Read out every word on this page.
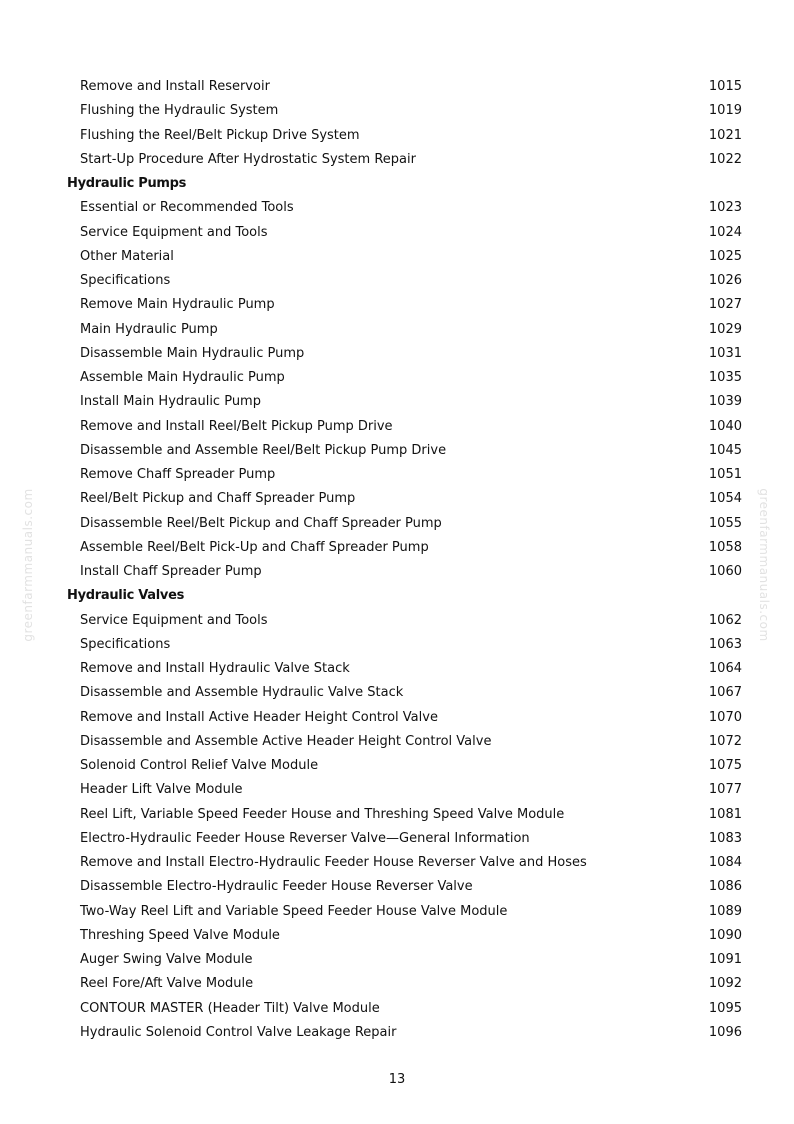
Remove and Install Reservoir	1015
Flushing the Hydraulic System	1019
Flushing the Reel/Belt Pickup Drive System	1021
Start-Up Procedure After Hydrostatic System Repair	1022
Hydraulic Pumps
Essential or Recommended Tools	1023
Service Equipment and Tools	1024
Other Material	1025
Specifications	1026
Remove Main Hydraulic Pump	1027
Main Hydraulic Pump	1029
Disassemble Main Hydraulic Pump	1031
Assemble Main Hydraulic Pump	1035
Install Main Hydraulic Pump	1039
Remove and Install Reel/Belt Pickup Pump Drive	1040
Disassemble and Assemble Reel/Belt Pickup Pump Drive	1045
Remove Chaff Spreader Pump	1051
Reel/Belt Pickup and Chaff Spreader Pump	1054
Disassemble Reel/Belt Pickup and Chaff Spreader Pump	1055
Assemble Reel/Belt Pick-Up and Chaff Spreader Pump	1058
Install Chaff Spreader Pump	1060
Hydraulic Valves
Service Equipment and Tools	1062
Specifications	1063
Remove and Install Hydraulic Valve Stack	1064
Disassemble and Assemble Hydraulic Valve Stack	1067
Remove and Install Active Header Height Control Valve	1070
Disassemble and Assemble Active Header Height Control Valve	1072
Solenoid Control Relief Valve Module	1075
Header Lift Valve Module	1077
Reel Lift, Variable Speed Feeder House and Threshing Speed Valve Module	1081
Electro-Hydraulic Feeder House Reverser Valve—General Information	1083
Remove and Install Electro-Hydraulic Feeder House Reverser Valve and Hoses	1084
Disassemble Electro-Hydraulic Feeder House Reverser Valve	1086
Two-Way Reel Lift and Variable Speed Feeder House Valve Module	1089
Threshing Speed Valve Module	1090
Auger Swing Valve Module	1091
Reel Fore/Aft Valve Module	1092
CONTOUR MASTER (Header Tilt) Valve Module	1095
Hydraulic Solenoid Control Valve Leakage Repair	1096
greenfarmmanuals.com	greenfarmmanuals.com
13
